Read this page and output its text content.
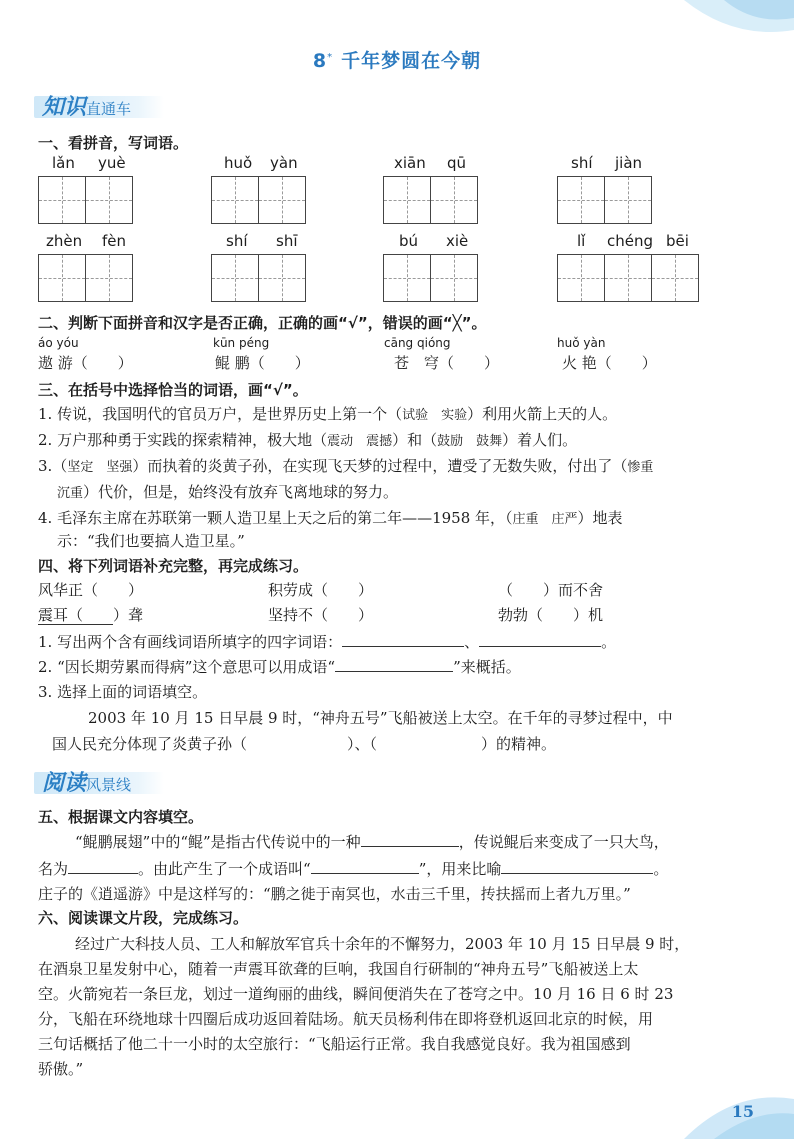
8* 千年梦圆在今朝
知识直通车
一、看拼音，写词语。
lǎn yuè	huǒ yàn	xiān qū	shí jiàn
zhèn fèn	shí shī	bú xiè	lǐ chéng bēi
二、判断下面拼音和汉字是否正确，正确的画“√”，错误的画“╳”。
áo yóu	kūn péng	cāng qióng	huǒ yàn
遨 游（　　）	鲲 鹏（　　）	苍　穹（　　）	火 艳（　　）
三、在括号中选择恰当的词语，画“√”。
1. 传说，我国明代的官员万户，是世界历史上第一个（试验　实验）利用火箭上天的人。
2. 万户那种勇于实践的探索精神，极大地（震动　震撼）和（鼓励　鼓舞）着人们。
3.（坚定　坚强）而执着的炎黄子孙，在实现飞天梦的过程中，遭受了无数失败，付出了（惨重
沉重）代价，但是，始终没有放弃飞离地球的努力。
4. 毛泽东主席在苏联第一颗人造卫星上天之后的第二年——1958 年，（庄重　庄严）地表
示：“我们也要搞人造卫星。”
四、将下列词语补充完整，再完成练习。
风华正（　　）	积劳成（　　）	（　　）而不舍
震耳（ ）聋	坚持不（　　）	勃勃（　　）机
1. 写出两个含有画线词语所填字的四字词语：	、	。
2. “因长期劳累而得病”这个意思可以用成语“	”来概括。
3. 选择上面的词语填空。
2003 年 10 月 15 日早晨 9 时，“神舟五号”飞船被送上太空。在千年的寻梦过程中，中
国人民充分体现了炎黄子孙（	）、（	）的精神。
阅读风景线
五、根据课文内容填空。
“鲲鹏展翅”中的“鲲”是指古代传说中的一种	，传说鲲后来变成了一只大鸟，
名为	。由此产生了一个成语叫“	”，用来比喻	。
庄子的《逍遥游》中是这样写的：“鹏之徙于南冥也，水击三千里，抟扶摇而上者九万里。”
六、阅读课文片段，完成练习。
经过广大科技人员、工人和解放军官兵十余年的不懈努力，2003 年 10 月 15 日早晨 9 时，
在酒泉卫星发射中心，随着一声震耳欲聋的巨响，我国自行研制的“神舟五号”飞船被送上太
空。火箭宛若一条巨龙，划过一道绚丽的曲线，瞬间便消失在了苍穹之中。10 月 16 日 6 时 23
分，飞船在环绕地球十四圈后成功返回着陆场。航天员杨利伟在即将登机返回北京的时候，用
三句话概括了他二十一小时的太空旅行：“飞船运行正常。我自我感觉良好。我为祖国感到
骄傲。”
15
